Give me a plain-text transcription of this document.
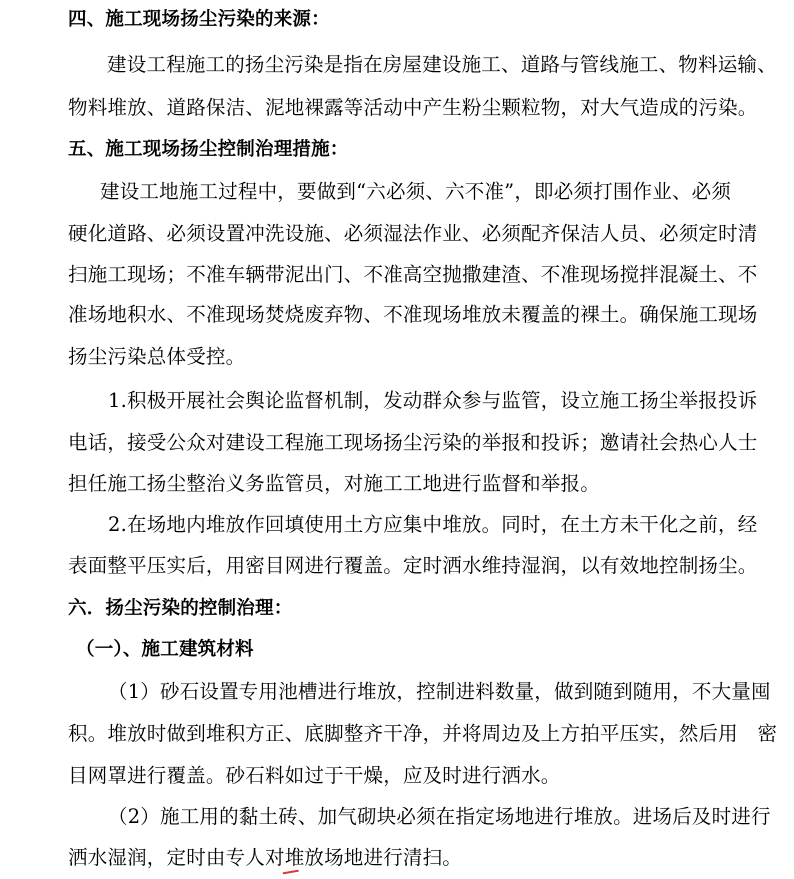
四、施工现场扬尘污染的来源：
建设工程施工的扬尘污染是指在房屋建设施工、道路与管线施工、物料运输、
物料堆放、道路保洁、泥地裸露等活动中产生粉尘颗粒物，对大气造成的污染。
五、施工现场扬尘控制治理措施：
建设工地施工过程中，要做到“六必须、六不准”，即必须打围作业、必须
硬化道路、必须设置冲洗设施、必须湿法作业、必须配齐保洁人员、必须定时清
扫施工现场；不准车辆带泥出门、不准高空抛撒建渣、不准现场搅拌混凝土、不
准场地积水、不准现场焚烧废弃物、不准现场堆放未覆盖的裸土。确保施工现场
扬尘污染总体受控。
1.积极开展社会舆论监督机制，发动群众参与监管，设立施工扬尘举报投诉
电话，接受公众对建设工程施工现场扬尘污染的举报和投诉；邀请社会热心人士
担任施工扬尘整治义务监管员，对施工工地进行监督和举报。
2.在场地内堆放作回填使用土方应集中堆放。同时，在土方未干化之前，经
表面整平压实后，用密目网进行覆盖。定时洒水维持湿润，以有效地控制扬尘。
六．扬尘污染的控制治理：
（一）、施工建筑材料
（1）砂石设置专用池槽进行堆放，控制进料数量，做到随到随用，不大量囤
积。堆放时做到堆积方正、底脚整齐干净，并将周边及上方拍平压实，然后用　密
目网罩进行覆盖。砂石料如过于干燥，应及时进行洒水。
（2）施工用的黏土砖、加气砌块必须在指定场地进行堆放。进场后及时进行
洒水湿润，定时由专人对堆放场地进行清扫。
